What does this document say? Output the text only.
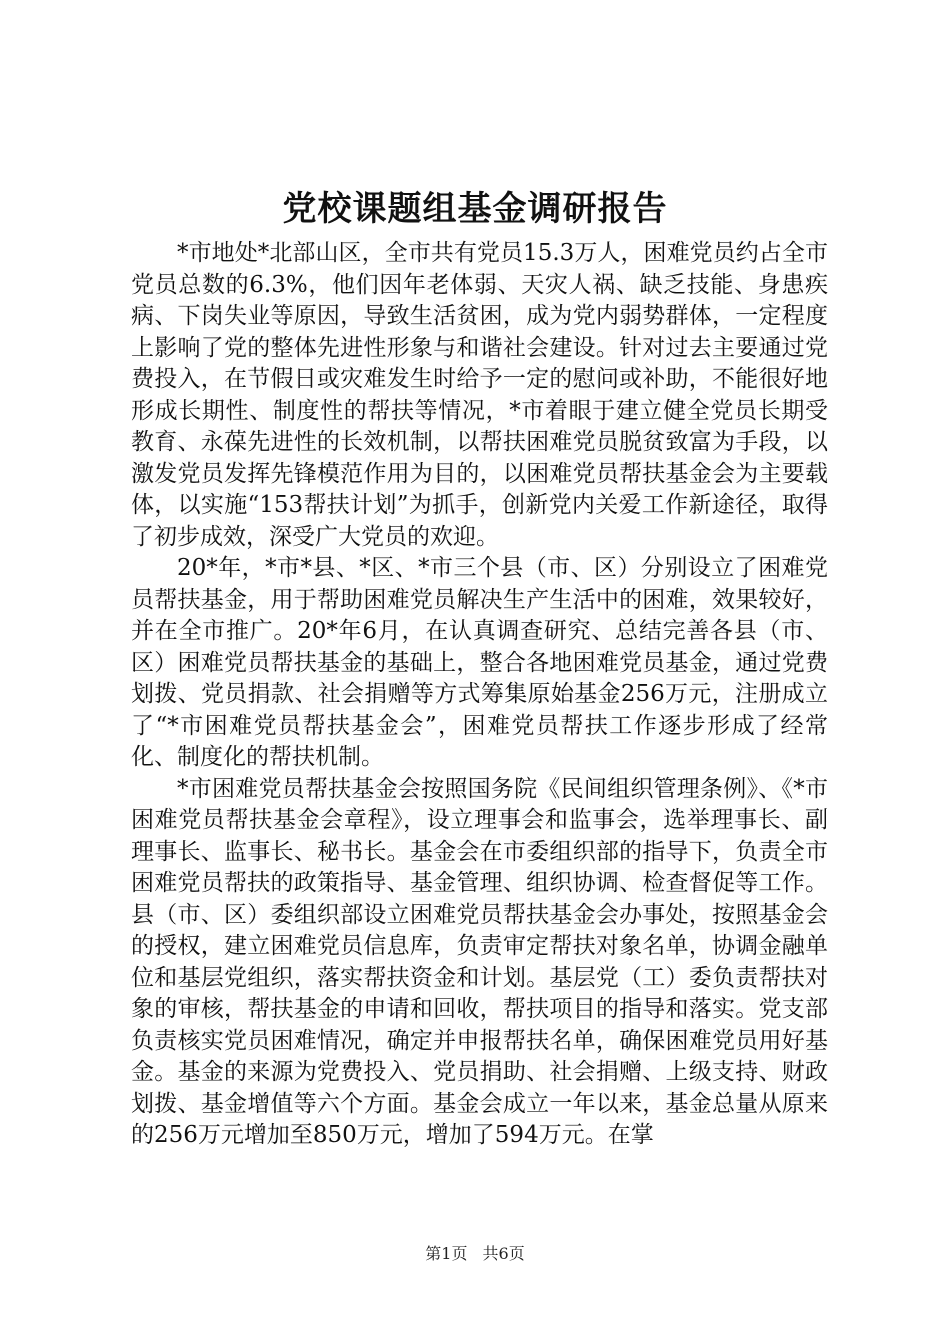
党校课题组基金调研报告

*市地处*北部山区，全市共有党员15.3万人，困难党员约占全市党员总数的6.3%，他们因年老体弱、天灾人祸、缺乏技能、身患疾病、下岗失业等原因，导致生活贫困，成为党内弱势群体，一定程度上影响了党的整体先进性形象与和谐社会建设。针对过去主要通过党费投入，在节假日或灾难发生时给予一定的慰问或补助，不能很好地形成长期性、制度性的帮扶等情况，*市着眼于建立健全党员长期受教育、永葆先进性的长效机制，以帮扶困难党员脱贫致富为手段，以激发党员发挥先锋模范作用为目的，以困难党员帮扶基金会为主要载体，以实施“153帮扶计划”为抓手，创新党内关爱工作新途径，取得了初步成效，深受广大党员的欢迎。

20*年，*市*县、*区、*市三个县（市、区）分别设立了困难党员帮扶基金，用于帮助困难党员解决生产生活中的困难，效果较好，并在全市推广。20*年6月，在认真调查研究、总结完善各县（市、区）困难党员帮扶基金的基础上，整合各地困难党员基金，通过党费划拨、党员捐款、社会捐赠等方式筹集原始基金256万元，注册成立了“*市困难党员帮扶基金会”，困难党员帮扶工作逐步形成了经常化、制度化的帮扶机制。

*市困难党员帮扶基金会按照国务院《民间组织管理条例》、《*市困难党员帮扶基金会章程》，设立理事会和监事会，选举理事长、副理事长、监事长、秘书长。基金会在市委组织部的指导下，负责全市困难党员帮扶的政策指导、基金管理、组织协调、检查督促等工作。县（市、区）委组织部设立困难党员帮扶基金会办事处，按照基金会的授权，建立困难党员信息库，负责审定帮扶对象名单，协调金融单位和基层党组织，落实帮扶资金和计划。基层党（工）委负责帮扶对象的审核，帮扶基金的申请和回收，帮扶项目的指导和落实。党支部负责核实党员困难情况，确定并申报帮扶名单，确保困难党员用好基金。基金的来源为党费投入、党员捐助、社会捐赠、上级支持、财政划拨、基金增值等六个方面。基金会成立一年以来，基金总量从原来的256万元增加至850万元，增加了594万元。在掌

第1页 共6页
